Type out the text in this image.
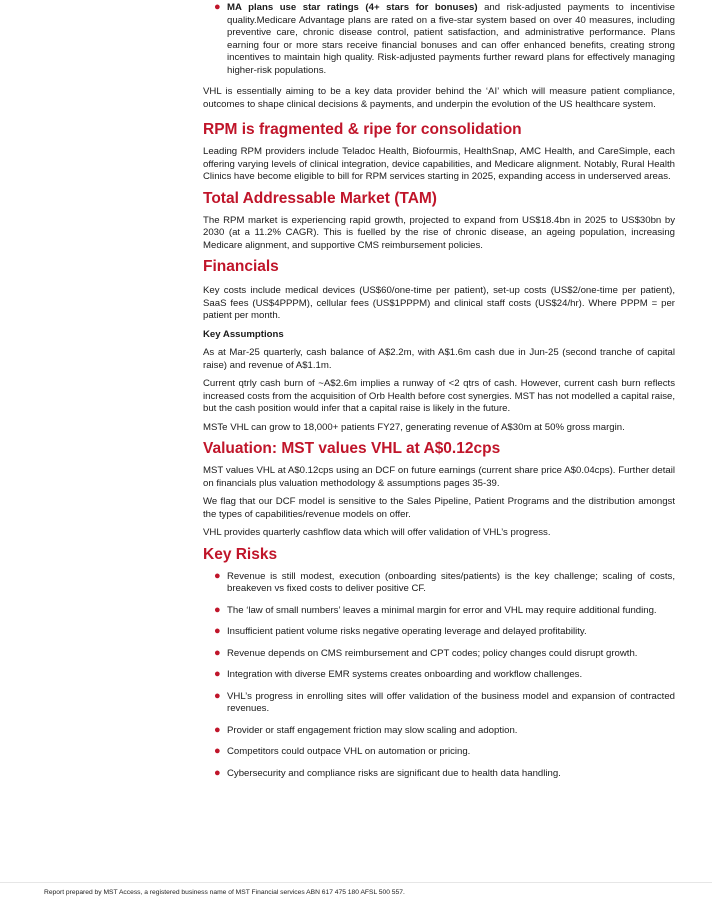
● MA plans use star ratings (4+ stars for bonuses) and risk-adjusted payments to incentivise quality.Medicare Advantage plans are rated on a five-star system based on over 40 measures, including preventive care, chronic disease control, patient satisfaction, and administrative performance. Plans earning four or more stars receive financial bonuses and can offer enhanced benefits, creating strong incentives to maintain high quality. Risk-adjusted payments further reward plans for effectively managing higher-risk populations.

VHL is essentially aiming to be a key data provider behind the ‘AI’ which will measure patient compliance, outcomes to shape clinical decisions & payments, and underpin the evolution of the US healthcare system.

RPM is fragmented & ripe for consolidation

Leading RPM providers include Teladoc Health, Biofourmis, HealthSnap, AMC Health, and CareSimple, each offering varying levels of clinical integration, device capabilities, and Medicare alignment. Notably, Rural Health Clinics have become eligible to bill for RPM services starting in 2025, expanding access in underserved areas.

Total Addressable Market (TAM)

The RPM market is experiencing rapid growth, projected to expand from US$18.4bn in 2025 to US$30bn by 2030 (at a 11.2% CAGR). This is fuelled by the rise of chronic disease, an ageing population, increasing Medicare alignment, and supportive CMS reimbursement policies.

Financials

Key costs include medical devices (US$60/one-time per patient), set-up costs (US$2/one-time per patient), SaaS fees (US$4PPPM), cellular fees (US$1PPPM) and clinical staff costs (US$24/hr). Where PPPM = per patient per month.

Key Assumptions

As at Mar-25 quarterly, cash balance of A$2.2m, with A$1.6m cash due in Jun-25 (second tranche of capital raise) and revenue of A$1.1m.

Current qtrly cash burn of ~A$2.6m implies a runway of <2 qtrs of cash. However, current cash burn reflects increased costs from the acquisition of Orb Health before cost synergies. MST has not modelled a capital raise, but the cash position would infer that a capital raise is likely in the future.

MSTe VHL can grow to 18,000+ patients FY27, generating revenue of A$30m at 50% gross margin.

Valuation: MST values VHL at A$0.12cps

MST values VHL at A$0.12cps using an DCF on future earnings (current share price A$0.04cps). Further detail on financials plus valuation methodology & assumptions pages 35-39.

We flag that our DCF model is sensitive to the Sales Pipeline, Patient Programs and the distribution amongst the types of capabilities/revenue models on offer.

VHL provides quarterly cashflow data which will offer validation of VHL’s progress.

Key Risks
● Revenue is still modest, execution (onboarding sites/patients) is the key challenge; scaling of costs, breakeven vs fixed costs to deliver positive CF.
● The ‘law of small numbers’ leaves a minimal margin for error and VHL may require additional funding.
● Insufficient patient volume risks negative operating leverage and delayed profitability.
● Revenue depends on CMS reimbursement and CPT codes; policy changes could disrupt growth.
● Integration with diverse EMR systems creates onboarding and workflow challenges.
● VHL’s progress in enrolling sites will offer validation of the business model and expansion of contracted revenues.
● Provider or staff engagement friction may slow scaling and adoption.
● Competitors could outpace VHL on automation or pricing.
● Cybersecurity and compliance risks are significant due to health data handling.
Report prepared by MST Access, a registered business name of MST Financial services ABN 617 475 180 AFSL 500 557.
